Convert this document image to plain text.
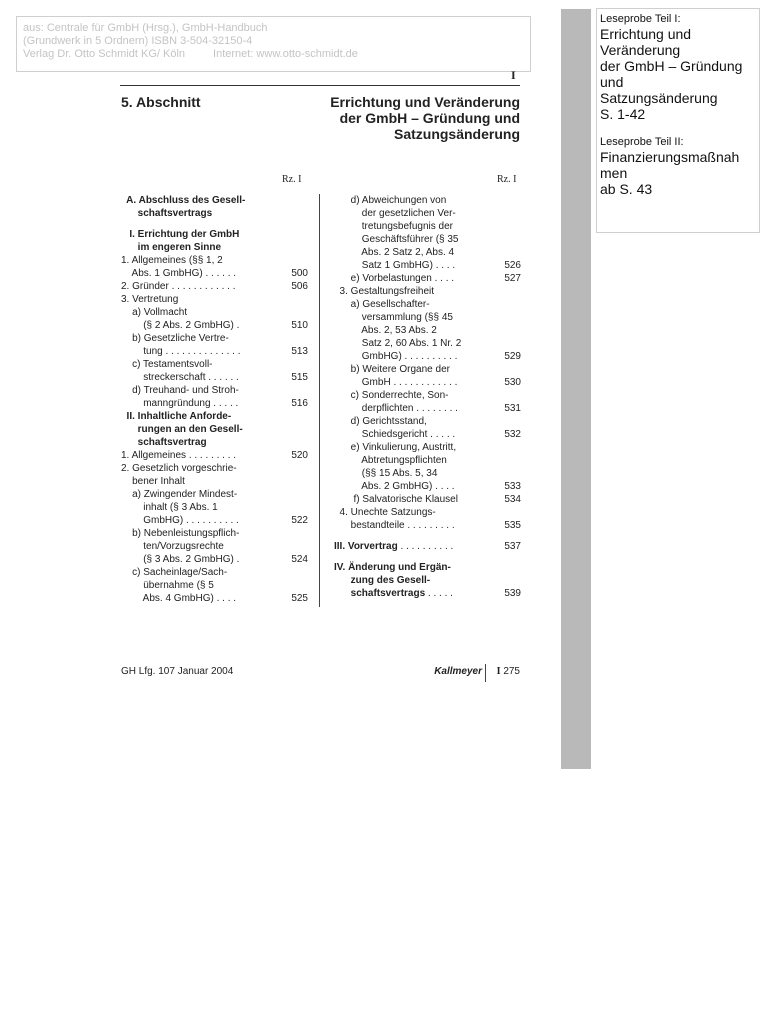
aus: Centrale für GmbH (Hrsg.), GmbH-Handbuch
(Grundwerk in 5 Ordnern) ISBN 3-504-32150-4
Verlag Dr. Otto Schmidt KG/ Köln	Internet: www.otto-schmidt.de
I
5. Abschnitt	Errichtung und Veränderung
der GmbH – Gründung und
Satzungsänderung
Rz. I	Rz. I
A. Abschluss des Gesell-
schaftsvertrags
I. Errichtung der GmbH
im engeren Sinne
1. Allgemeines (§§ 1, 2
Abs. 1 GmbHG) . . . . . .	500
2. Gründer . . . . . . . . . . . .	506
3. Vertretung
a) Vollmacht
(§ 2 Abs. 2 GmbHG) .	510
b) Gesetzliche Vertre-
tung . . . . . . . . . . . . . .	513
c) Testamentsvoll-
streckerschaft . . . . . .	515
d) Treuhand- und Stroh-
manngründung . . . . .	516
II. Inhaltliche Anforde-
rungen an den Gesell-
schaftsvertrag
1. Allgemeines . . . . . . . . .	520
2. Gesetzlich vorgeschrie-
bener Inhalt
a) Zwingender Mindest-
inhalt (§ 3 Abs. 1
GmbHG) . . . . . . . . . .	522
b) Nebenleistungspflich-
ten/Vorzugsrechte
(§ 3 Abs. 2 GmbHG) .	524
c) Sacheinlage/Sach-
übernahme (§ 5
Abs. 4 GmbHG) . . . .	525
d) Abweichungen von
der gesetzlichen Ver-
tretungsbefugnis der
Geschäftsführer (§ 35
Abs. 2 Satz 2, Abs. 4
Satz 1 GmbHG) . . . .	526
e) Vorbelastungen . . . .	527
3. Gestaltungsfreiheit
a) Gesellschafter-
versammlung (§§ 45
Abs. 2, 53 Abs. 2
Satz 2, 60 Abs. 1 Nr. 2
GmbHG) . . . . . . . . . .	529
b) Weitere Organe der
GmbH . . . . . . . . . . . .	530
c) Sonderrechte, Son-
derpflichten . . . . . . . .	531
d) Gerichtsstand,
Schiedsgericht . . . . .	532
e) Vinkulierung, Austritt,
Abtretungspflichten
(§§ 15 Abs. 5, 34
Abs. 2 GmbHG) . . . .	533
f) Salvatorische Klausel	534
4. Unechte Satzungs-
bestandteile . . . . . . . . .	535
III. Vorvertrag . . . . . . . . . .	537
IV. Änderung und Ergän-
zung des Gesell-
schaftsvertrags . . . . .	539
GH Lfg. 107 Januar 2004	Kallmeyer I 275
Leseprobe Teil I:
Errichtung und
Veränderung
der GmbH – Gründung
und
Satzungsänderung
S. 1-42
Leseprobe Teil II:
Finanzierungsmaßnah
men
ab S. 43
